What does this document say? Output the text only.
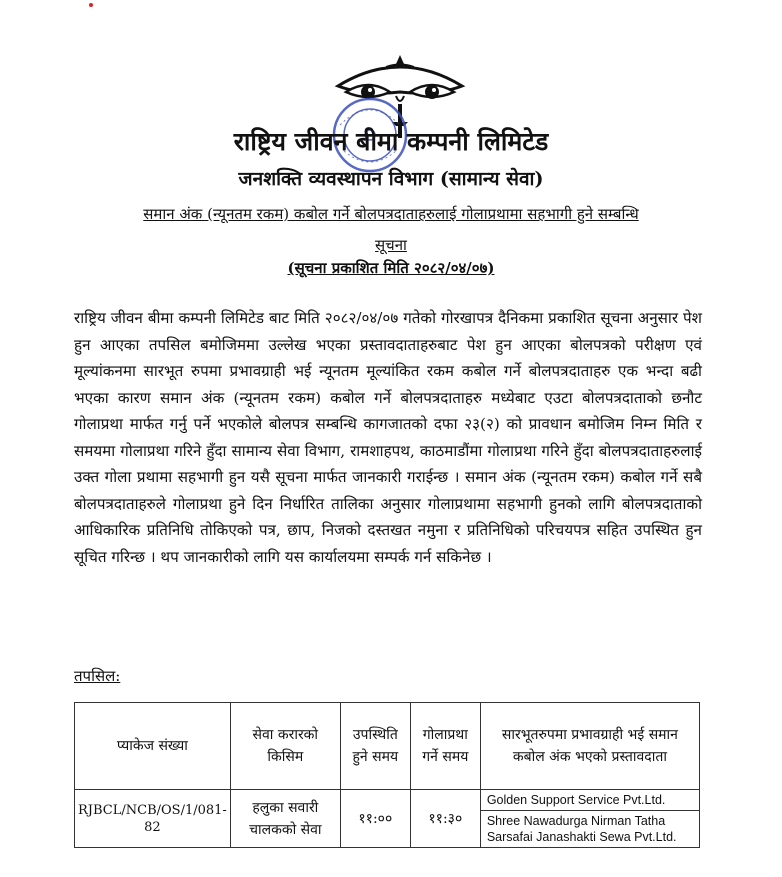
राष्ट्रिय जीवन बीमा कम्पनी लिमिटेड
जनशक्ति व्यवस्थापन विभाग (सामान्य सेवा)
समान अंक (न्यूनतम रकम) कबोल गर्ने बोलपत्रदाताहरुलाई गोलाप्रथामा सहभागी हुने सम्बन्धि
सूचना
(सूचना प्रकाशित मिति २०८२/०४/०७)
राष्ट्रिय जीवन बीमा कम्पनी लिमिटेड बाट मिति २०८२/०४/०७ गतेको गोरखापत्र दैनिकमा प्रकाशित सूचना अनुसार पेश हुन आएका तपसिल बमोजिममा उल्लेख भएका प्रस्तावदाताहरुबाट पेश हुन आएका बोलपत्रको परीक्षण एवं मूल्यांकनमा सारभूत रुपमा प्रभावग्राही भई न्यूनतम मूल्यांकित रकम कबोल गर्ने बोलपत्रदाताहरु एक भन्दा बढी भएका कारण समान अंक (न्यूनतम रकम) कबोल गर्ने बोलपत्रदाताहरु मध्येबाट एउटा बोलपत्रदाताको छनौट गोलाप्रथा मार्फत गर्नु पर्ने भएकोले बोलपत्र सम्बन्धि कागजातको दफा २३(२) को प्रावधान बमोजिम निम्न मिति र समयमा गोलाप्रथा गरिने हुँदा सामान्य सेवा विभाग, रामशाहपथ, काठमाडौंमा गोलाप्रथा गरिने हुँदा बोलपत्रदाताहरुलाई उक्त गोला प्रथामा सहभागी हुन यसै सूचना मार्फत जानकारी गराईन्छ । समान अंक (न्यूनतम रकम) कबोल गर्ने सबै बोलपत्रदाताहरुले गोलाप्रथा हुने दिन निर्धारित तालिका अनुसार गोलाप्रथामा सहभागी हुनको लागि बोलपत्रदाताको आधिकारिक प्रतिनिधि तोकिएको पत्र, छाप, निजको दस्तखत नमुना र प्रतिनिधिको परिचयपत्र सहित उपस्थित हुन सूचित गरिन्छ । थप जानकारीको लागि यस कार्यालयमा सम्पर्क गर्न सकिनेछ ।
तपसिल:
प्याकेज संख्या	सेवा करारको किसिम	उपस्थिति हुने समय	गोलाप्रथा गर्ने समय	सारभूतरुपमा प्रभावग्राही भई समान कबोल अंक भएको प्रस्तावदाता
RJBCL/NCB/OS/1/081-82	हलुका सवारी चालकको सेवा	११:००	११:३०	Golden Support Service Pvt.Ltd.
Shree Nawadurga Nirman Tatha Sarsafai Janashakti Sewa Pvt.Ltd.
